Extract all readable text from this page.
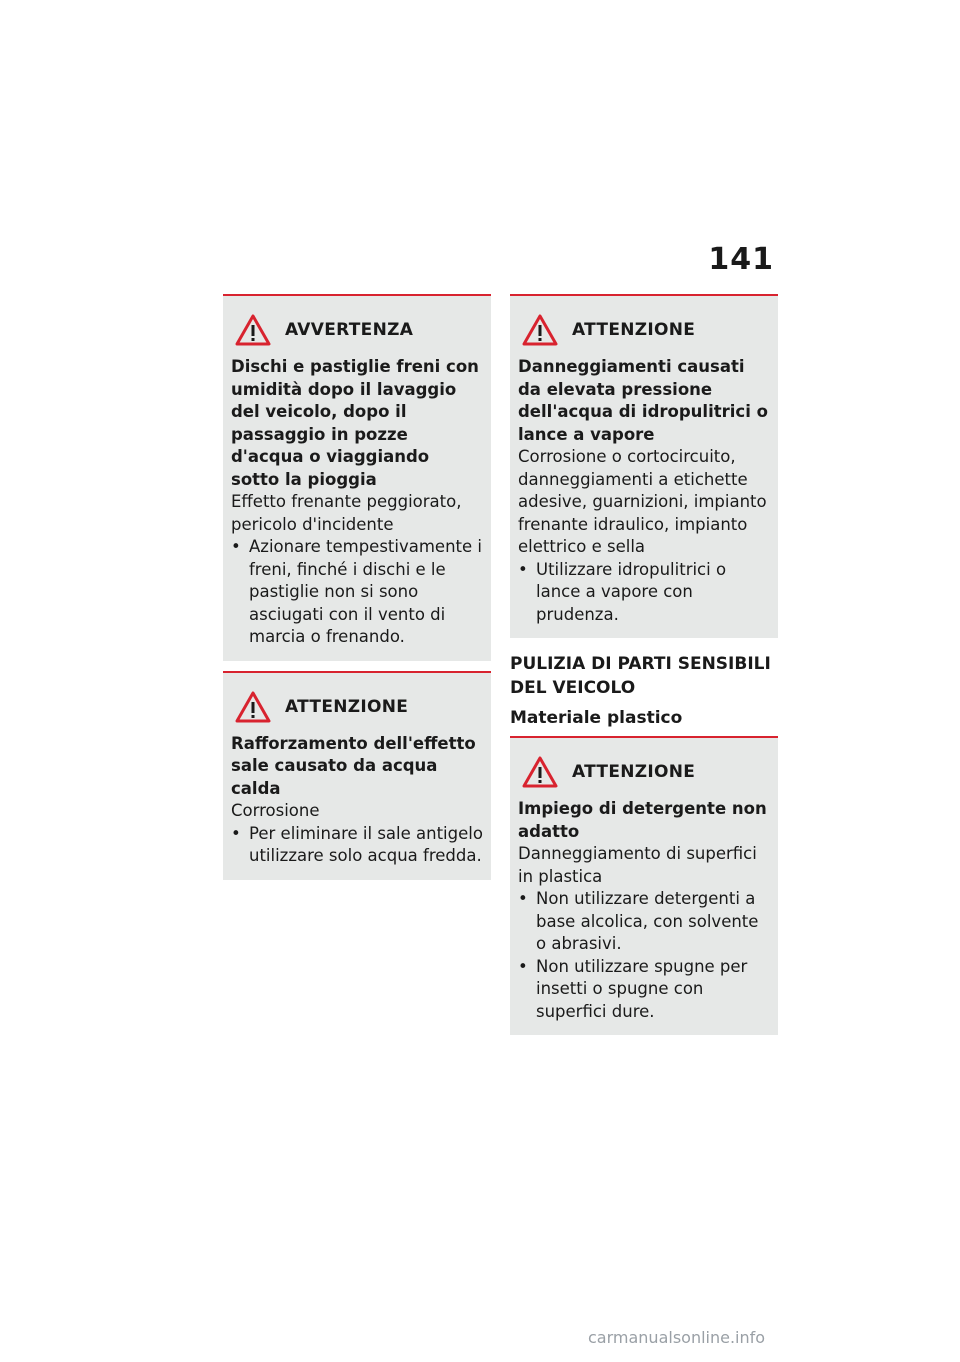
141
AVVERTENZA

Dischi e pastiglie freni con umidità dopo il lavaggio del veicolo, dopo il passaggio in pozze d'acqua o viaggiando sotto la pioggia

Effetto frenante peggiorato, pericolo d'incidente

• Azionare tempestivamente i freni, finché i dischi e le pastiglie non si sono asciugati con il vento di marcia o frenando.
ATTENZIONE

Rafforzamento dell'effetto sale causato da acqua calda

Corrosione

• Per eliminare il sale antigelo utilizzare solo acqua fredda.
ATTENZIONE

Danneggiamenti causati da elevata pressione dell'acqua di idropulitrici o lance a vapore

Corrosione o cortocircuito, danneggiamenti a etichette adesive, guarnizioni, impianto frenante idraulico, impianto elettrico e sella

• Utilizzare idropulitrici o lance a vapore con prudenza.
PULIZIA DI PARTI SENSIBILI DEL VEICOLO
Materiale plastico
ATTENZIONE

Impiego di detergente non adatto

Danneggiamento di superfici in plastica

• Non utilizzare detergenti a base alcolica, con solvente o abrasivi.
• Non utilizzare spugne per insetti o spugne con superfici dure.
carmanualsonline.info
